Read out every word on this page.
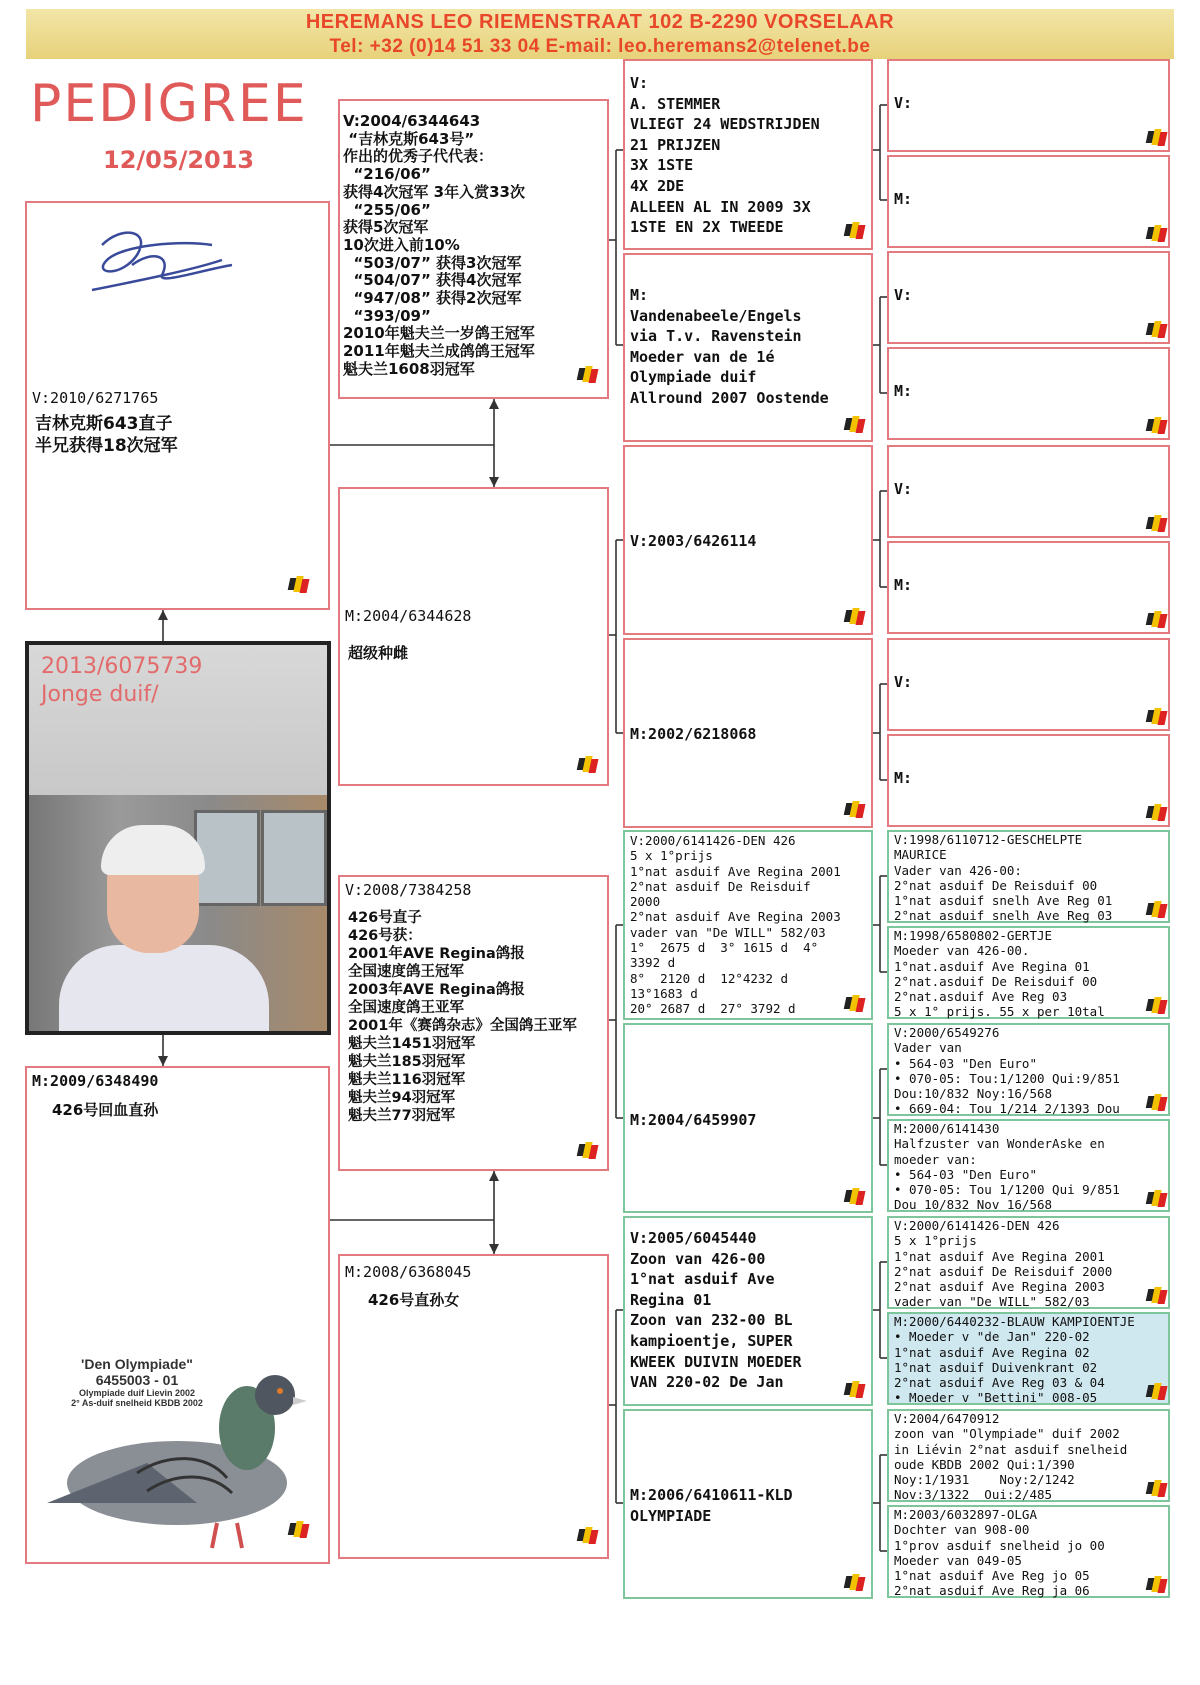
HEREMANS LEO RIEMENSTRAAT 102 B-2290 VORSELAAR
Tel: +32 (0)14 51 33 04 E-mail: leo.heremans2@telenet.be
PEDIGREE
12/05/2013
V:2010/6271765
吉林克斯643直子
半兄获得18次冠军
2013/6075739
Jonge duif/
M:2009/6348490
426号回血直孙
'Den Olympiade"
6455003 - 01
Olympiade duif Lievin 2002
2° As-duif snelheid KBDB 2002
V:2004/6344643
“吉林克斯643号”
作出的优秀子代代表：
“216/06”
获得4次冠军 3年入赏33次
“255/06”
获得5次冠军
10次进入前10%
“503/07” 获得3次冠军
“504/07” 获得4次冠军
“947/08” 获得2次冠军
“393/09”
2010年魁夫兰一岁鸽王冠军
2011年魁夫兰成鸽鸽王冠军
魁夫兰1608羽冠军
M:2004/6344628
超级种雌
V:2008/7384258
426号直子
426号获：
2001年AVE Regina鸽报
全国速度鸽王冠军
2003年AVE Regina鸽报
全国速度鸽王亚军
2001年《赛鸽杂志》全国鸽王亚军
魁夫兰1451羽冠军
魁夫兰185羽冠军
魁夫兰116羽冠军
魁夫兰94羽冠军
魁夫兰77羽冠军
M:2008/6368045
426号直孙女
V:
A. STEMMER
VLIEGT 24 WEDSTRIJDEN
21 PRIJZEN
3X 1STE
4X 2DE
ALLEEN AL IN 2009 3X
1STE EN 2X TWEEDE
M:
Vandenabeele/Engels
via T.v. Ravenstein
Moeder van de 1é
Olympiade duif
Allround 2007 Oostende
V:2003/6426114
M:2002/6218068
V:2000/6141426-DEN 426
5 x 1°prijs
1°nat asduif Ave Regina 2001
2°nat asduif De Reisduif
2000
2°nat asduif Ave Regina 2003
vader van "De WILL" 582/03
1°  2675 d  3° 1615 d  4°
3392 d
8°  2120 d  12°4232 d
13°1683 d
20° 2687 d  27° 3792 d
M:2004/6459907
V:2005/6045440
Zoon van 426-00
1°nat asduif Ave
Regina 01
Zoon van 232-00 BL
kampioentje, SUPER
KWEEK DUIVIN MOEDER
VAN 220-02 De Jan
M:2006/6410611-KLD
OLYMPIADE
V:
M:
V:
M:
V:
M:
V:
M:
V:1998/6110712-GESCHELPTE
MAURICE
Vader van 426-00:
2°nat asduif De Reisduif 00
1°nat asduif snelh Ave Reg 01
2°nat asduif snelh Ave Reg 03
M:1998/6580802-GERTJE
Moeder van 426-00.
1°nat.asduif Ave Regina 01
2°nat.asduif De Reisduif 00
2°nat.asduif Ave Reg 03
5 x 1° prijs. 55 x per 10tal
V:2000/6549276
Vader van
• 564-03 "Den Euro"
• 070-05: Tou:1/1200 Qui:9/851
Dou:10/832 Noy:16/568
• 669-04: Tou 1/214 2/1393 Dou
M:2000/6141430
Halfzuster van WonderAske en
moeder van:
• 564-03 "Den Euro"
• 070-05: Tou 1/1200 Qui 9/851
Dou 10/832 Nov 16/568
V:2000/6141426-DEN 426
5 x 1°prijs
1°nat asduif Ave Regina 2001
2°nat asduif De Reisduif 2000
2°nat asduif Ave Regina 2003
vader van "De WILL" 582/03
M:2000/6440232-BLAUW KAMPIOENTJE
• Moeder v "de Jan" 220-02
1°nat asduif Ave Regina 02
1°nat asduif Duivenkrant 02
2°nat asduif Ave Reg 03 & 04
• Moeder v "Bettini" 008-05
V:2004/6470912
zoon van "Olympiade" duif 2002
in Liévin 2°nat asduif snelheid
oude KBDB 2002 Qui:1/390
Noy:1/1931    Noy:2/1242
Nov:3/1322  Oui:2/485
M:2003/6032897-OLGA
Dochter van 908-00
1°prov asduif snelheid jo 00
Moeder van 049-05
1°nat asduif Ave Reg jo 05
2°nat asduif Ave Reg ja 06
